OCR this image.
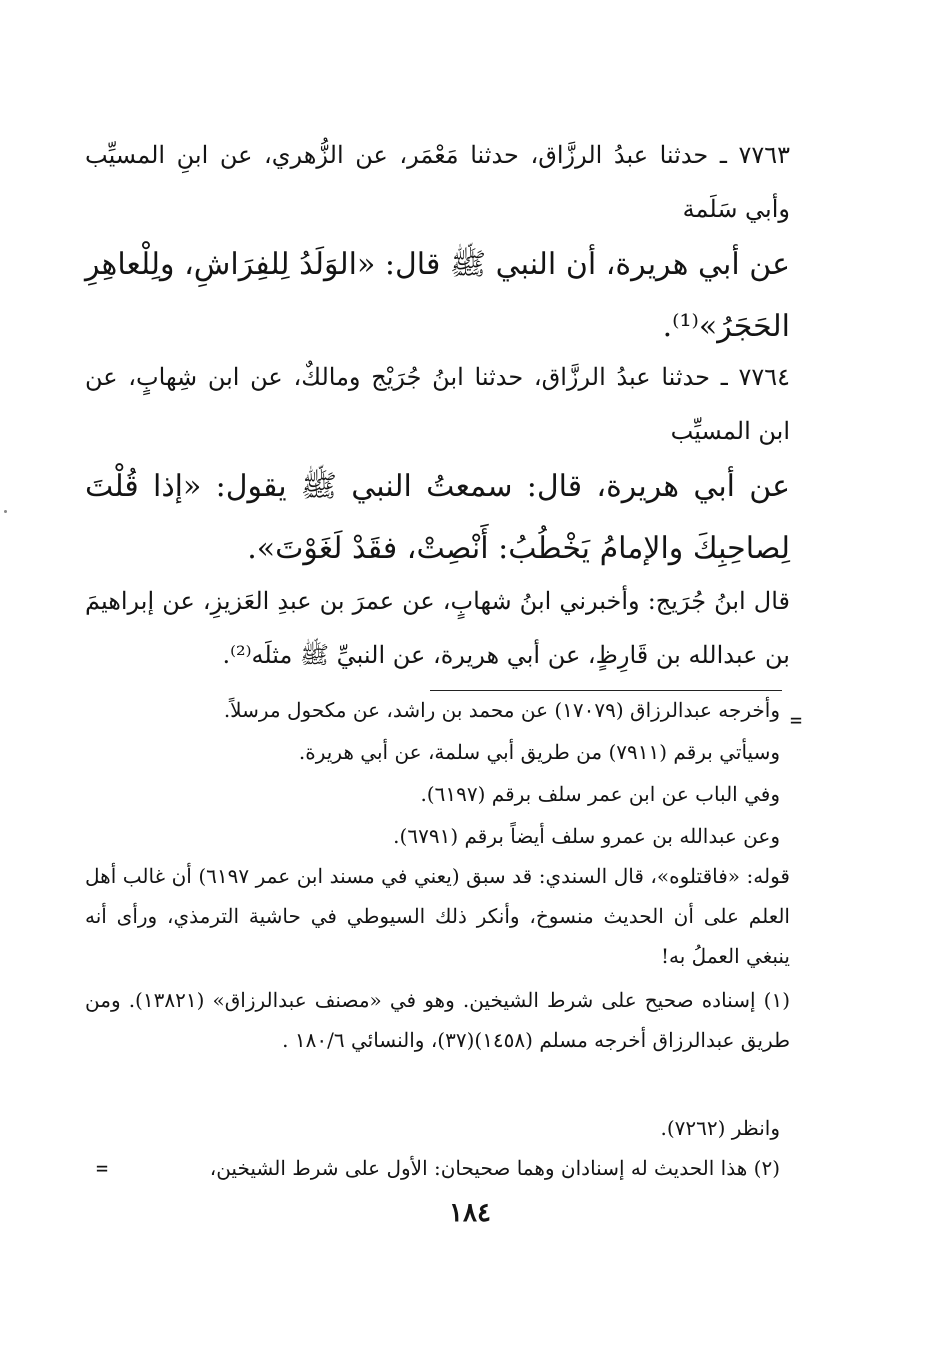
٧٧٦٣ ـ حدثنا عبدُ الرزَّاق، حدثنا مَعْمَر، عن الزُّهري، عن ابنِ المسيِّب وأبي سَلَمة

عن أبي هريرة، أن النبي ﷺ قال: «الوَلَدُ لِلفِرَاشِ، ولِلْعاهِرِ الحَجَرُ»⁽¹⁾.

٧٧٦٤ ـ حدثنا عبدُ الرزَّاق، حدثنا ابنُ جُرَيْج ومالكٌ، عن ابن شِهابٍ، عن ابن المسيِّب

عن أبي هريرة، قال: سمعتُ النبي ﷺ يقول: «إذا قُلْتَ لِصاحِبِكَ والإمامُ يَخْطُبُ: أَنْصِتْ، فقَدْ لَغَوْتَ».

قال ابنُ جُرَيج: وأخبرني ابنُ شهابٍ، عن عمرَ بن عبدِ العَزيزِ، عن إبراهيمَ بن عبدالله بن قَارِظٍ، عن أبي هريرة، عن النبيِّ ﷺ مثلَه⁽²⁾.

=

وأخرجه عبدالرزاق (١٧٠٧٩) عن محمد بن راشد، عن مكحول مرسلاً.

وسيأتي برقم (٧٩١١) من طريق أبي سلمة، عن أبي هريرة.

وفي الباب عن ابن عمر سلف برقم (٦١٩٧).

وعن عبدالله بن عمرو سلف أيضاً برقم (٦٧٩١).

قوله: «فاقتلوه»، قال السندي: قد سبق (يعني في مسند ابن عمر ٦١٩٧) أن غالب أهل العلم على أن الحديث منسوخ، وأنكر ذلك السيوطي في حاشية الترمذي، ورأى أنه ينبغي العملُ به!

(١) إسناده صحيح على شرط الشيخين. وهو في «مصنف عبدالرزاق» (١٣٨٢١). ومن طريق عبدالرزاق أخرجه مسلم (١٤٥٨)(٣٧)، والنسائي ١٨٠/٦ .

وانظر (٧٢٦٢).

(٢) هذا الحديث له إسنادان وهما صحيحان: الأول على شرط الشيخين،

=
١٨٤
